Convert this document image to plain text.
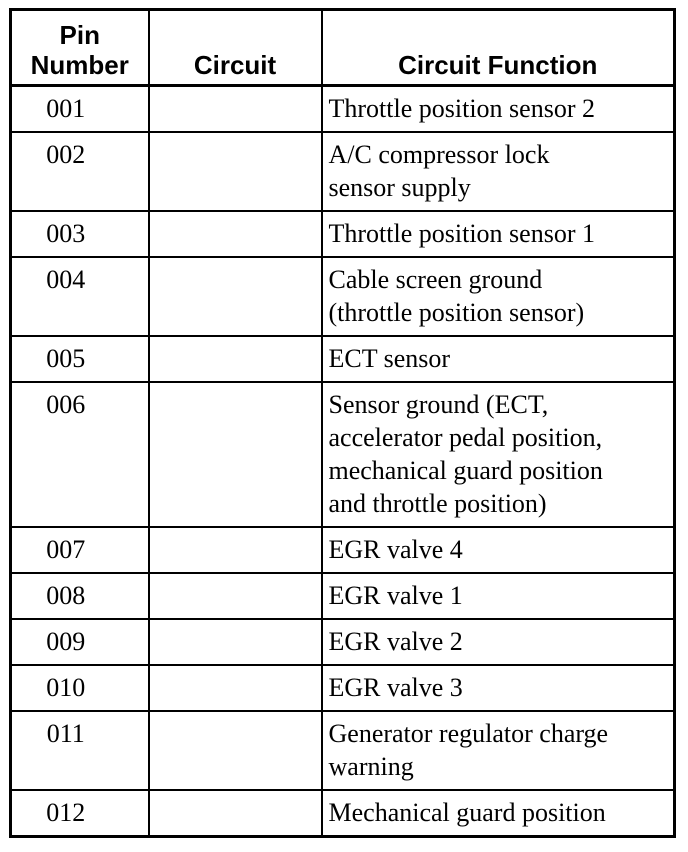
Pin
Number	Circuit	Circuit Function
001		Throttle position sensor 2

002		A/C compressor lock
sensor supply

003		Throttle position sensor 1

004		Cable screen ground
(throttle position sensor)

005		ECT sensor

006		Sensor ground (ECT,
accelerator pedal position,
mechanical guard position
and throttle position)

007		EGR valve 4

008		EGR valve 1

009		EGR valve 2

010		EGR valve 3

011		Generator regulator charge
warning

012		Mechanical guard position
